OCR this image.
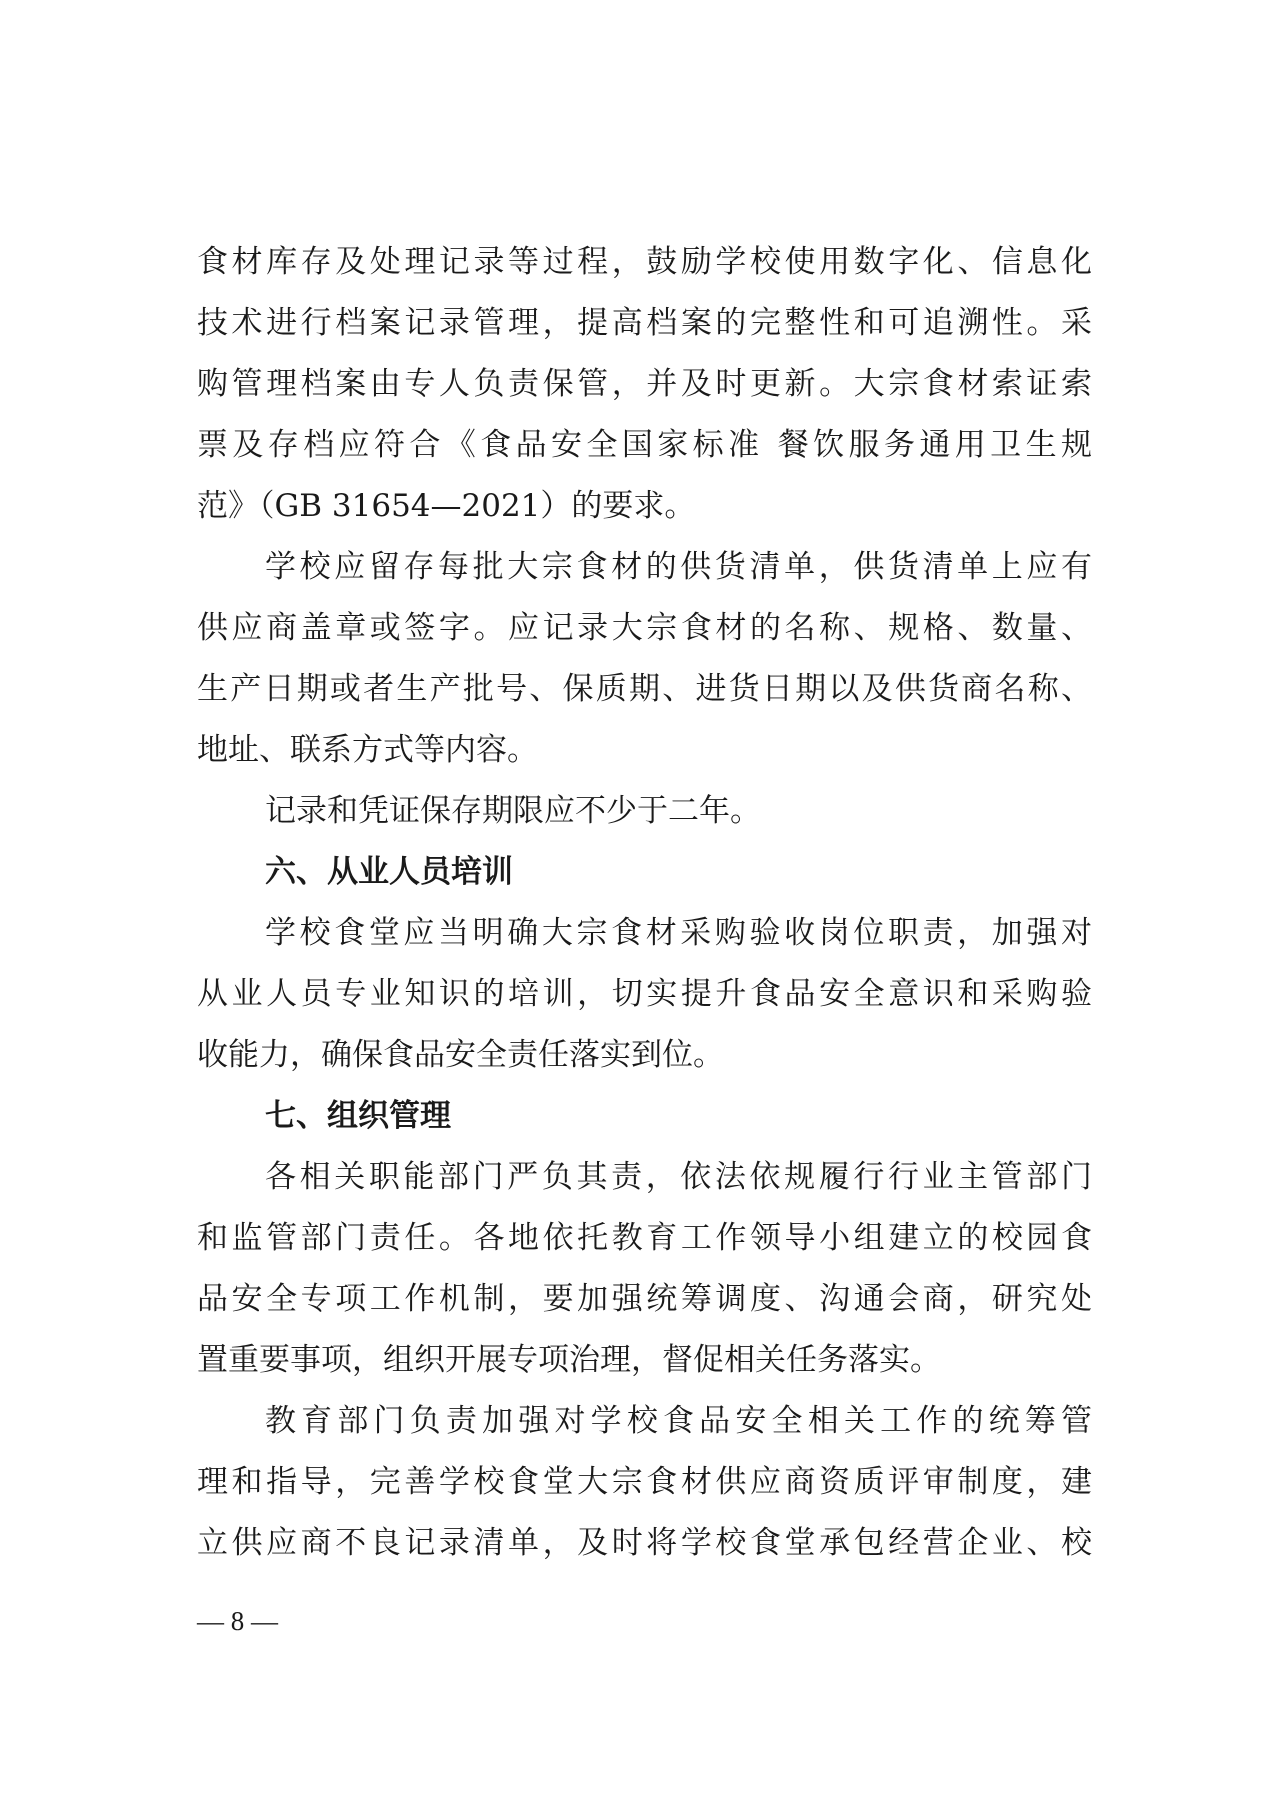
食材库存及处理记录等过程，鼓励学校使用数字化、信息化
技术进行档案记录管理，提高档案的完整性和可追溯性。采
购管理档案由专人负责保管，并及时更新。大宗食材索证索
票及存档应符合《食品安全国家标准 餐饮服务通用卫生规
范》（GB 31654—2021）的要求。
学校应留存每批大宗食材的供货清单，供货清单上应有
供应商盖章或签字。应记录大宗食材的名称、规格、数量、
生产日期或者生产批号、保质期、进货日期以及供货商名称、
地址、联系方式等内容。
记录和凭证保存期限应不少于二年。
六、从业人员培训
学校食堂应当明确大宗食材采购验收岗位职责，加强对
从业人员专业知识的培训，切实提升食品安全意识和采购验
收能力，确保食品安全责任落实到位。
七、组织管理
各相关职能部门严负其责，依法依规履行行业主管部门
和监管部门责任。各地依托教育工作领导小组建立的校园食
品安全专项工作机制，要加强统筹调度、沟通会商，研究处
置重要事项，组织开展专项治理，督促相关任务落实。
教育部门负责加强对学校食品安全相关工作的统筹管
理和指导，完善学校食堂大宗食材供应商资质评审制度，建
立供应商不良记录清单，及时将学校食堂承包经营企业、校
— 8 —
